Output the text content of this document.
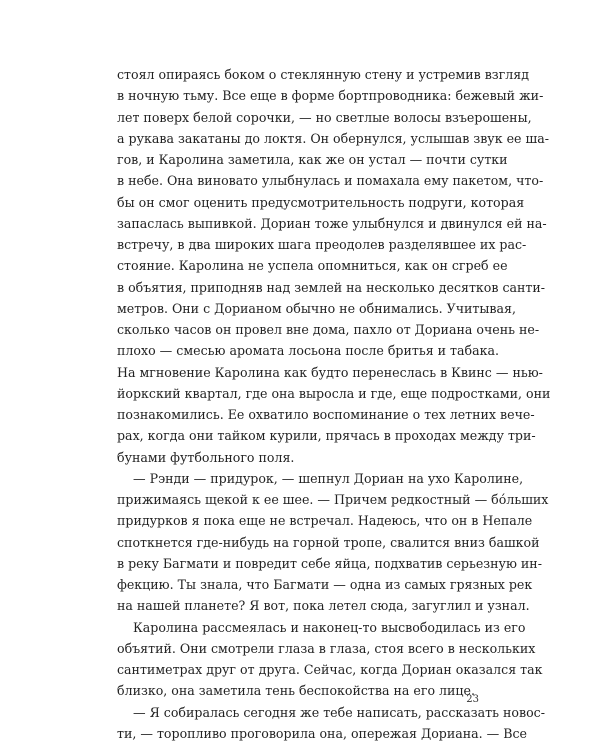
стоял опираясь боком о стеклянную стену и устремив взгляд
в ночную тьму. Все еще в форме бортпроводника: бежевый жи-
лет поверх белой сорочки, — но светлые волосы взъерошены,
а рукава закатаны до локтя. Он обернулся, услышав звук ее ша-
гов, и Каролина заметила, как же он устал — почти сутки
в небе. Она виновато улыбнулась и помахала ему пакетом, что-
бы он смог оценить предусмотрительность подруги, которая
запаслась выпивкой. Дориан тоже улыбнулся и двинулся ей на-
встречу, в два широких шага преодолев разделявшее их рас-
стояние. Каролина не успела опомниться, как он сгреб ее
в объятия, приподняв над землей на несколько десятков санти-
метров. Они с Дорианом обычно не обнимались. Учитывая,
сколько часов он провел вне дома, пахло от Дориана очень не-
плохо — смесью аромата лосьона после бритья и табака.
На мгновение Каролина как будто перенеслась в Квинс — нью-
йоркский квартал, где она выросла и где, еще подростками, они
познакомились. Ее охватило воспоминание о тех летних вече-
рах, когда они тайком курили, прячась в проходах между три-
бунами футбольного поля.
— Рэнди — придурок, — шепнул Дориан на ухо Каролине,
прижимаясь щекой к ее шее. — Причем редкостный — бо́льших
придурков я пока еще не встречал. Надеюсь, что он в Непале
споткнется где-нибудь на горной тропе, свалится вниз башкой
в реку Багмати и повредит себе яйца, подхватив серьезную ин-
фекцию. Ты знала, что Багмати — одна из самых грязных рек
на нашей планете? Я вот, пока летел сюда, загуглил и узнал.
Каролина рассмеялась и наконец-то высвободилась из его
объятий. Они смотрели глаза в глаза, стоя всего в нескольких
сантиметрах друг от друга. Сейчас, когда Дориан оказался так
близко, она заметила тень беспокойства на его лице.
— Я собиралась сегодня же тебе написать, рассказать новос-
ти, — торопливо проговорила она, опережая Дориана. — Все
23
